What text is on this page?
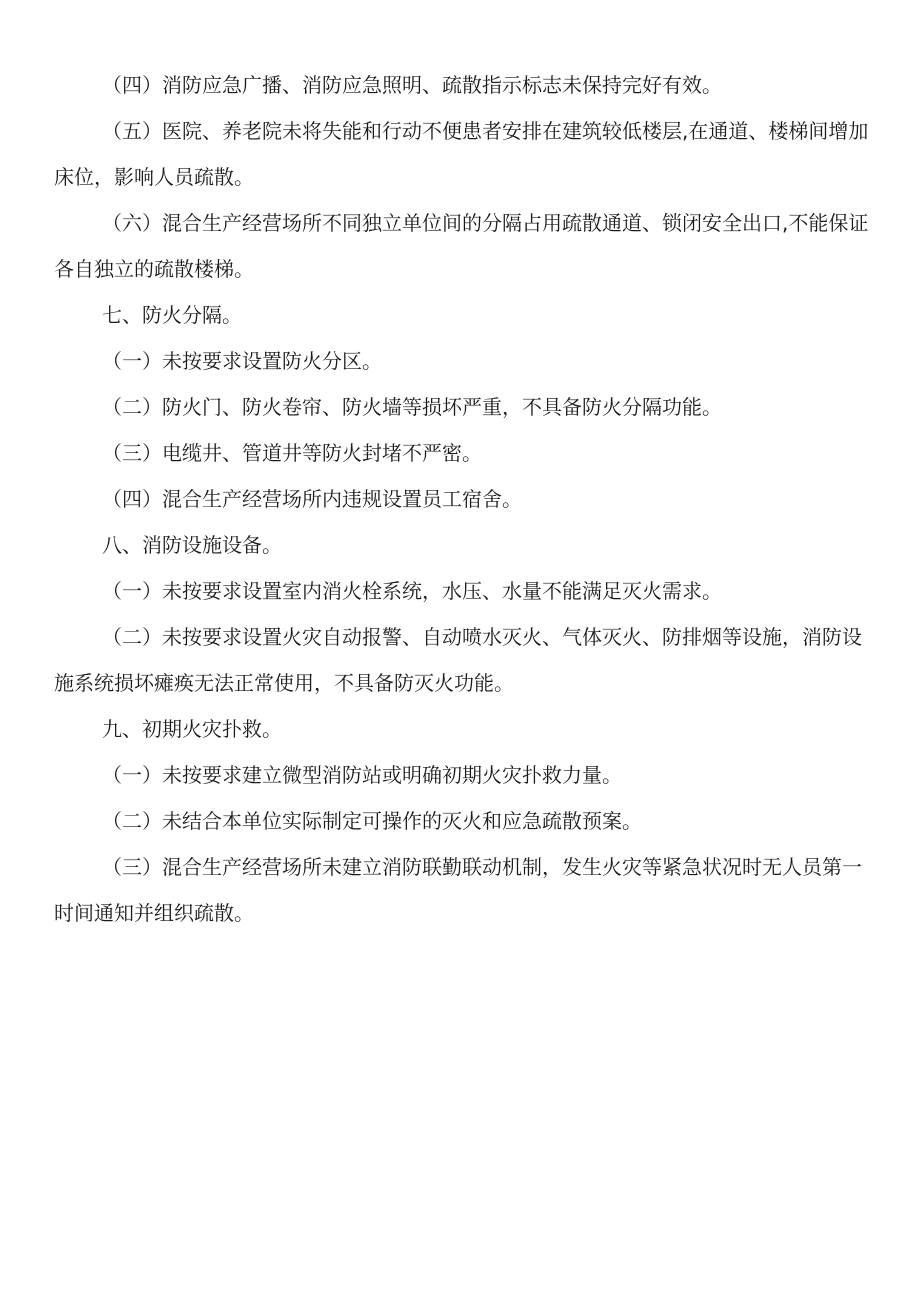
（四）消防应急广播、消防应急照明、疏散指示标志未保持完好有效。

（五）医院、养老院未将失能和行动不便患者安排在建筑较低楼层,在通道、楼梯间增加床位，影响人员疏散。

（六）混合生产经营场所不同独立单位间的分隔占用疏散通道、锁闭安全出口,不能保证各自独立的疏散楼梯。

七、防火分隔。

（一）未按要求设置防火分区。

（二）防火门、防火卷帘、防火墙等损坏严重，不具备防火分隔功能。

（三）电缆井、管道井等防火封堵不严密。

（四）混合生产经营场所内违规设置员工宿舍。

八、消防设施设备。

（一）未按要求设置室内消火栓系统，水压、水量不能满足灭火需求。

（二）未按要求设置火灾自动报警、自动喷水灭火、气体灭火、防排烟等设施，消防设施系统损坏瘫痪无法正常使用，不具备防灭火功能。

九、初期火灾扑救。

（一）未按要求建立微型消防站或明确初期火灾扑救力量。

（二）未结合本单位实际制定可操作的灭火和应急疏散预案。

（三）混合生产经营场所未建立消防联勤联动机制，发生火灾等紧急状况时无人员第一时间通知并组织疏散。
